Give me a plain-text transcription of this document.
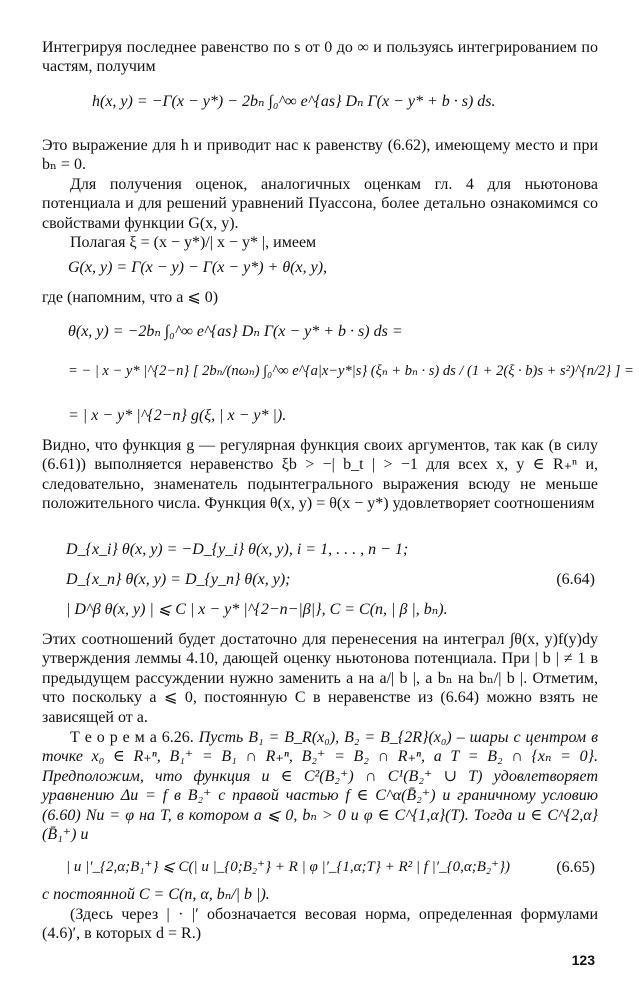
Интегрируя последнее равенство по s от 0 до ∞ и пользуясь интегрированием по частям, получим
h(x, y) = −Γ(x − y*) − 2bₙ ∫₀^∞ e^{as} Dₙ Γ(x − y* + b · s) ds.
Это выражение для h и приводит нас к равенству (6.62), имеющему место и при bₙ = 0.
Для получения оценок, аналогичных оценкам гл. 4 для ньютонова потенциала и для решений уравнений Пуассона, более детально ознакомимся со свойствами функции G(x, y).
Полагая ξ = (x − y*)/| x − y* |, имеем
G(x, y) = Γ(x − y) − Γ(x − y*) + θ(x, y),
где (напомним, что a ⩽ 0)
θ(x, y) = −2bₙ ∫₀^∞ e^{as} Dₙ Γ(x − y* + b · s) ds =
= − | x − y* |^{2−n} [ 2bₙ/(nωₙ) ∫₀^∞ e^{a|x−y*|s} (ξₙ + bₙ · s) ds / (1 + 2(ξ · b)s + s²)^{n/2} ] =
= | x − y* |^{2−n} g(ξ, | x − y* |).
Видно, что функция g — регулярная функция своих аргументов, так как (в силу (6.61)) выполняется неравенство ξb > −| b_t | > −1 для всех x, y ∈ R₊ⁿ и, следовательно, знаменатель подынтегрального выражения всюду не меньше положительного числа. Функция θ(x, y) = θ(x − y*) удовлетворяет соотношениям
D_{x_i} θ(x, y) = −D_{y_i} θ(x, y), i = 1, . . . , n − 1;
D_{x_n} θ(x, y) = D_{y_n} θ(x, y);	(6.64)
| D^β θ(x, y) | ⩽ C | x − y* |^{2−n−|β|}, C = C(n, | β |, bₙ).
Этих соотношений будет достаточно для перенесения на интеграл ∫θ(x, y)f(y)dy утверждения леммы 4.10, дающей оценку ньютонова потенциала. При | b | ≠ 1 в предыдущем рассуждении нужно заменить a на a/| b |, а bₙ на bₙ/| b |. Отметим, что поскольку a ⩽ 0, постоянную C в неравенстве из (6.64) можно взять не зависящей от a.
Т е о р е м а 6.26. Пусть B₁ = B_R(x₀), B₂ = B_{2R}(x₀) – шары с центром в точке x₀ ∈ R₊ⁿ, B₁⁺ = B₁ ∩ R₊ⁿ, B₂⁺ = B₂ ∩ R₊ⁿ, а T = B₂ ∩ {xₙ = 0}. Предположим, что функция u ∈ C²(B₂⁺) ∩ C¹(B₂⁺ ∪ T) удовлетворяет уравнению Δu = f в B₂⁺ с правой частью f ∈ C^α(B̄₂⁺) и граничному условию (6.60) Nu = φ на T, в котором a ⩽ 0, bₙ > 0 и φ ∈ C^{1,α}(T). Тогда u ∈ C^{2,α}(B̄₁⁺) и
| u |′_{2,α;B₁⁺} ⩽ C(| u |_{0;B₂⁺} + R | φ |′_{1,α;T} + R² | f |′_{0,α;B₂⁺})	(6.65)
с постоянной C = C(n, α, bₙ/| b |).
(Здесь через | · |′ обозначается весовая норма, определенная формулами (4.6)′, в которых d = R.)
123
